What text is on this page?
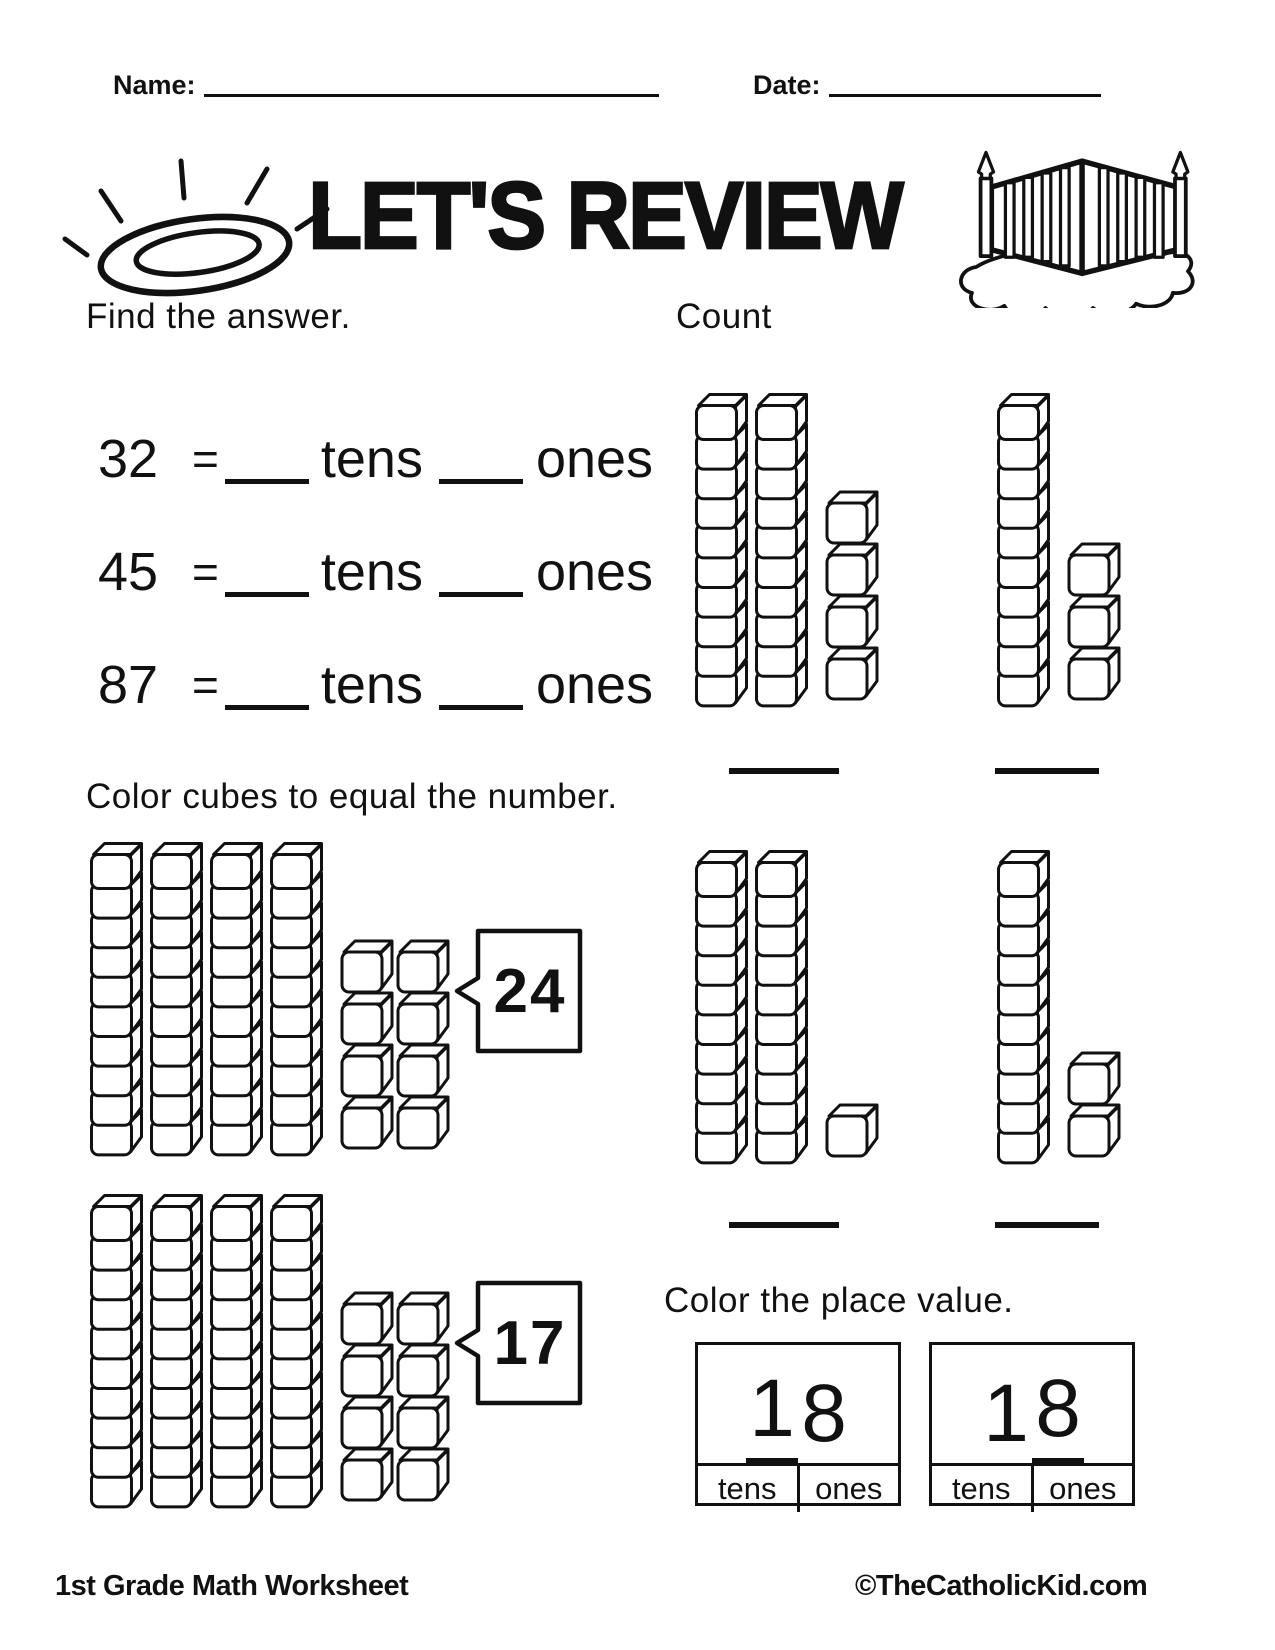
Name:	Date:
LET'S REVIEW
Find the answer.
32 = tens ones
45 = tens ones
87 = tens ones
Count
Color cubes to equal the number.
24
17
Color the place value.
1 8
tens	ones
1 8
tens	ones
1st Grade Math Worksheet	©TheCatholicKid.com
